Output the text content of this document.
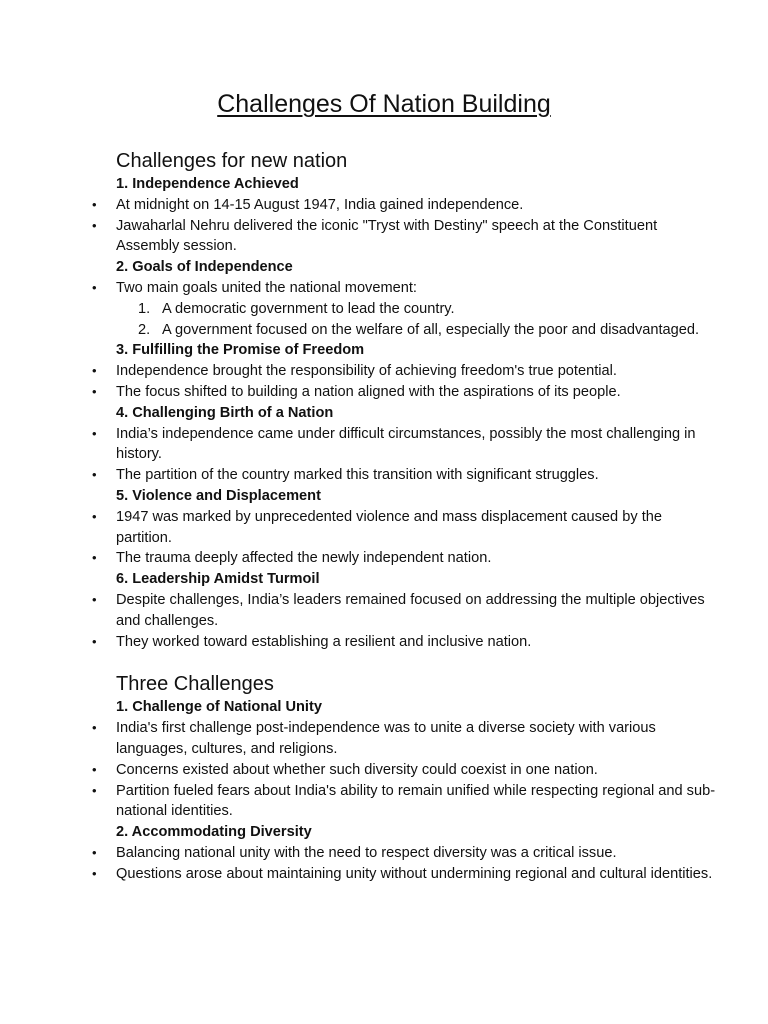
Challenges Of Nation Building
Challenges for new nation
1. Independence Achieved
• At midnight on 14-15 August 1947, India gained independence.
• Jawaharlal Nehru delivered the iconic "Tryst with Destiny" speech at the Constituent Assembly session.
2. Goals of Independence
• Two main goals united the national movement:
1. A democratic government to lead the country.
2. A government focused on the welfare of all, especially the poor and disadvantaged.
3. Fulfilling the Promise of Freedom
• Independence brought the responsibility of achieving freedom's true potential.
• The focus shifted to building a nation aligned with the aspirations of its people.
4. Challenging Birth of a Nation
• India’s independence came under difficult circumstances, possibly the most challenging in history.
• The partition of the country marked this transition with significant struggles.
5. Violence and Displacement
• 1947 was marked by unprecedented violence and mass displacement caused by the partition.
• The trauma deeply affected the newly independent nation.
6. Leadership Amidst Turmoil
• Despite challenges, India’s leaders remained focused on addressing the multiple objectives and challenges.
• They worked toward establishing a resilient and inclusive nation.
Three Challenges
1. Challenge of National Unity
• India's first challenge post-independence was to unite a diverse society with various languages, cultures, and religions.
• Concerns existed about whether such diversity could coexist in one nation.
• Partition fueled fears about India's ability to remain unified while respecting regional and sub-national identities.
2. Accommodating Diversity
• Balancing national unity with the need to respect diversity was a critical issue.
• Questions arose about maintaining unity without undermining regional and cultural identities.
